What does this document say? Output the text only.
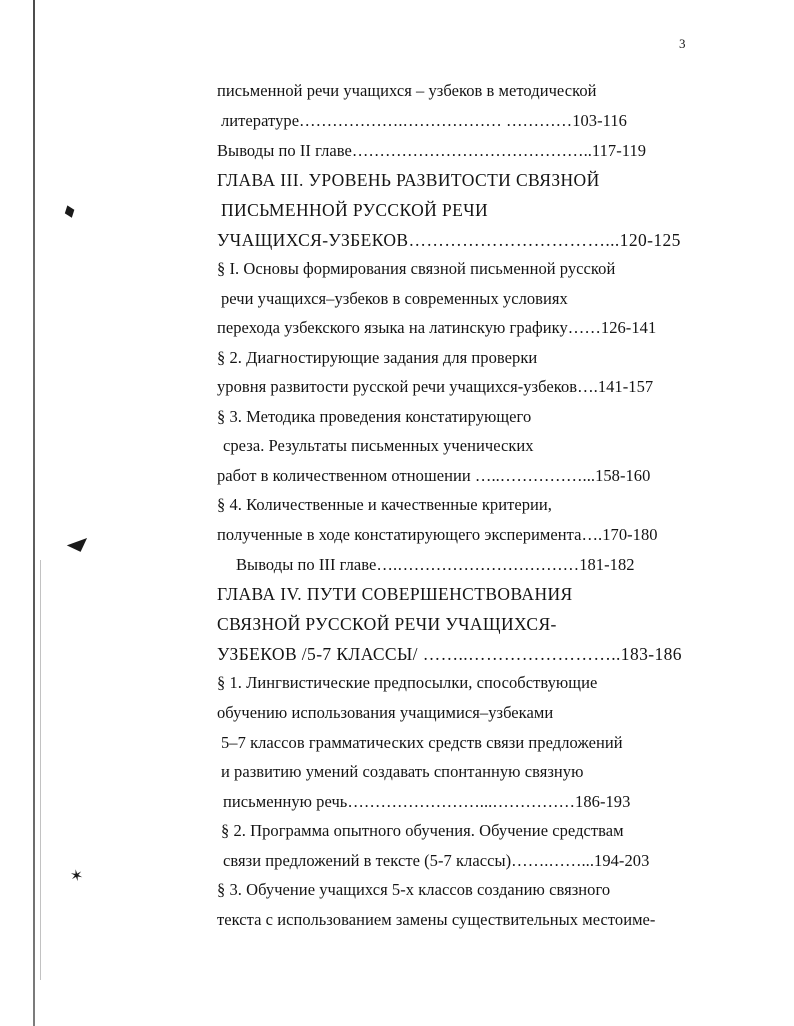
♦
◢
✶
3
письменной речи учащихся – узбеков в методической
литературе……………….……………… …………103-116
Выводы по II главе……………………………………..117-119
ГЛАВА III. УРОВЕНЬ РАЗВИТОСТИ СВЯЗНОЙ
ПИСЬМЕННОЙ РУССКОЙ РЕЧИ
УЧАЩИХСЯ-УЗБЕКОВ……………………………...120-125
§ I. Основы формирования связной письменной русской
речи учащихся–узбеков в современных условиях
перехода узбекского языка на латинскую графику……126-141
§ 2. Диагностирующие задания для проверки
уровня развитости русской речи учащихся-узбеков….141-157
§ 3. Методика проведения констатирующего
среза. Результаты письменных ученических
работ в количественном отношении …..……………...158-160
§ 4. Количественные и качественные критерии,
полученные в ходе констатирующего эксперимента….170-180
Выводы по III главе….……………………………181-182
ГЛАВА IV. ПУТИ СОВЕРШЕНСТВОВАНИЯ
СВЯЗНОЙ РУССКОЙ РЕЧИ УЧАЩИХСЯ-
УЗБЕКОВ /5-7 КЛАССЫ/ ……..……………………..183-186
§ 1. Лингвистические предпосылки, способствующие
обучению использования учащимися–узбеками
5–7 классов грамматических средств связи предложений
и развитию умений создавать спонтанную связную
письменную речь……………………...……………186-193
§ 2. Программа опытного обучения. Обучение средствам
связи предложений в тексте (5-7 классы)…….……...194-203
§ 3. Обучение учащихся 5-х классов созданию связного
текста с использованием замены существительных местоиме-
